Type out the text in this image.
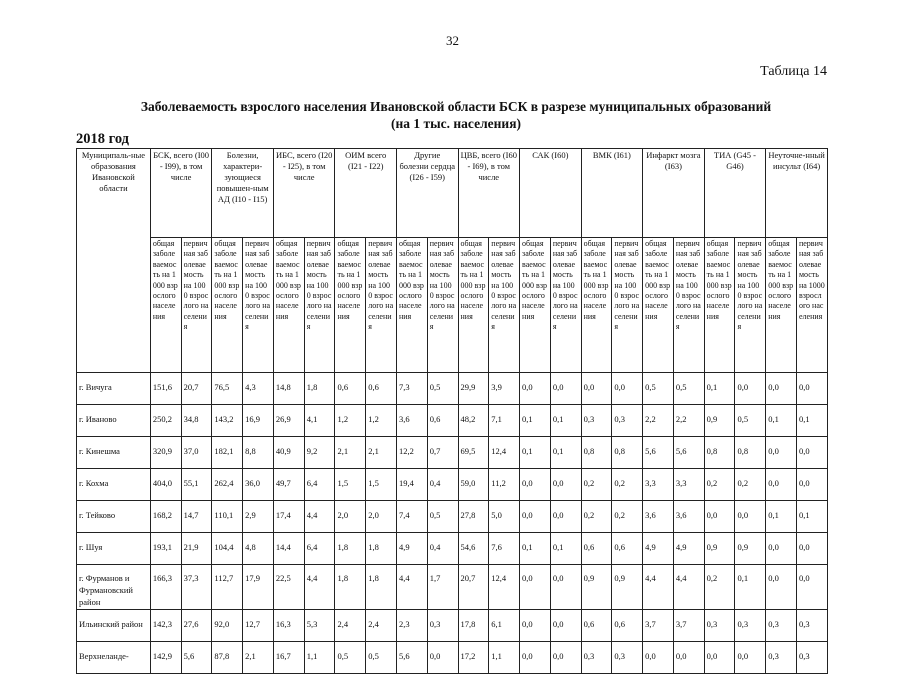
32
Таблица 14
Заболеваемость взрослого населения Ивановской области БСК в разрезе муниципальных образований
(на 1 тыс. населения)
2018 год
Муниципаль-ные образования Ивановской области	БСК, всего (I00 - I99), в том числе		Болезни, характери-зующиеся повышен-ным АД (I10 - I15)		ИБС, всего (I20 - I25), в том числе		ОИМ всего (I21 - I22)		Другие болезни сердца (I26 - I59)		ЦВБ, всего (I60 - I69), в том числе		САК (I60)		ВМК (I61)		Инфаркт мозга (I63)		ТИА (G45 - G46)		Неуточне-нный инсульт (I64)	
	общая заболеваемость на 1000 взрослого населения	первичная заболеваемость на 1000 взрослого населения	общая заболеваемость на 1000 взрослого населения	первичная заболеваемость на 1000 взрослого населения	общая заболеваемость на 1000 взрослого населения	первичная заболеваемость на 1000 взрослого населения	общая заболеваемость на 1000 взрослого населения	первичная заболеваемость на 1000 взрослого населения	общая заболеваемость на 1000 взрослого населения	первичная заболеваемость на 1000 взрослого населения	общая заболеваемость на 1000 взрослого населения	первичная заболеваемость на 1000 взрослого населения	общая заболеваемость на 1000 взрослого населения	первичная заболеваемость на 1000 взрослого населения	общая заболеваемость на 1000 взрослого населения	первичная заболеваемость на 1000 взрослого населения	общая заболеваемость на 1000 взрослого населения	первичная заболеваемость на 1000 взрослого населения	общая заболеваемость на 1000 взрослого населения	первичная заболеваемость на 1000 взрослого населения	общая заболеваемость на 1000 взрослого населения	первичная заболеваемость на 1000 взрослого населения
г. Вичуга	151,6	20,7	76,5	4,3	14,8	1,8	0,6	0,6	7,3	0,5	29,9	3,9	0,0	0,0	0,0	0,0	0,5	0,5	0,1	0,0	0,0	0,0
г. Иваново	250,2	34,8	143,2	16,9	26,9	4,1	1,2	1,2	3,6	0,6	48,2	7,1	0,1	0,1	0,3	0,3	2,2	2,2	0,9	0,5	0,1	0,1
г. Кинешма	320,9	37,0	182,1	8,8	40,9	9,2	2,1	2,1	12,2	0,7	69,5	12,4	0,1	0,1	0,8	0,8	5,6	5,6	0,8	0,8	0,0	0,0
г. Кохма	404,0	55,1	262,4	36,0	49,7	6,4	1,5	1,5	19,4	0,4	59,0	11,2	0,0	0,0	0,2	0,2	3,3	3,3	0,2	0,2	0,0	0,0
г. Тейково	168,2	14,7	110,1	2,9	17,4	4,4	2,0	2,0	7,4	0,5	27,8	5,0	0,0	0,0	0,2	0,2	3,6	3,6	0,0	0,0	0,1	0,1
г. Шуя	193,1	21,9	104,4	4,8	14,4	6,4	1,8	1,8	4,9	0,4	54,6	7,6	0,1	0,1	0,6	0,6	4,9	4,9	0,9	0,9	0,0	0,0
г. Фурманов и Фурмановский район	166,3	37,3	112,7	17,9	22,5	4,4	1,8	1,8	4,4	1,7	20,7	12,4	0,0	0,0	0,9	0,9	4,4	4,4	0,2	0,1	0,0	0,0
Ильинский район	142,3	27,6	92,0	12,7	16,3	5,3	2,4	2,4	2,3	0,3	17,8	6,1	0,0	0,0	0,6	0,6	3,7	3,7	0,3	0,3	0,3	0,3
Верхнеланде-	142,9	5,6	87,8	2,1	16,7	1,1	0,5	0,5	5,6	0,0	17,2	1,1	0,0	0,0	0,3	0,3	0,0	0,0	0,0	0,0	0,3	0,3
